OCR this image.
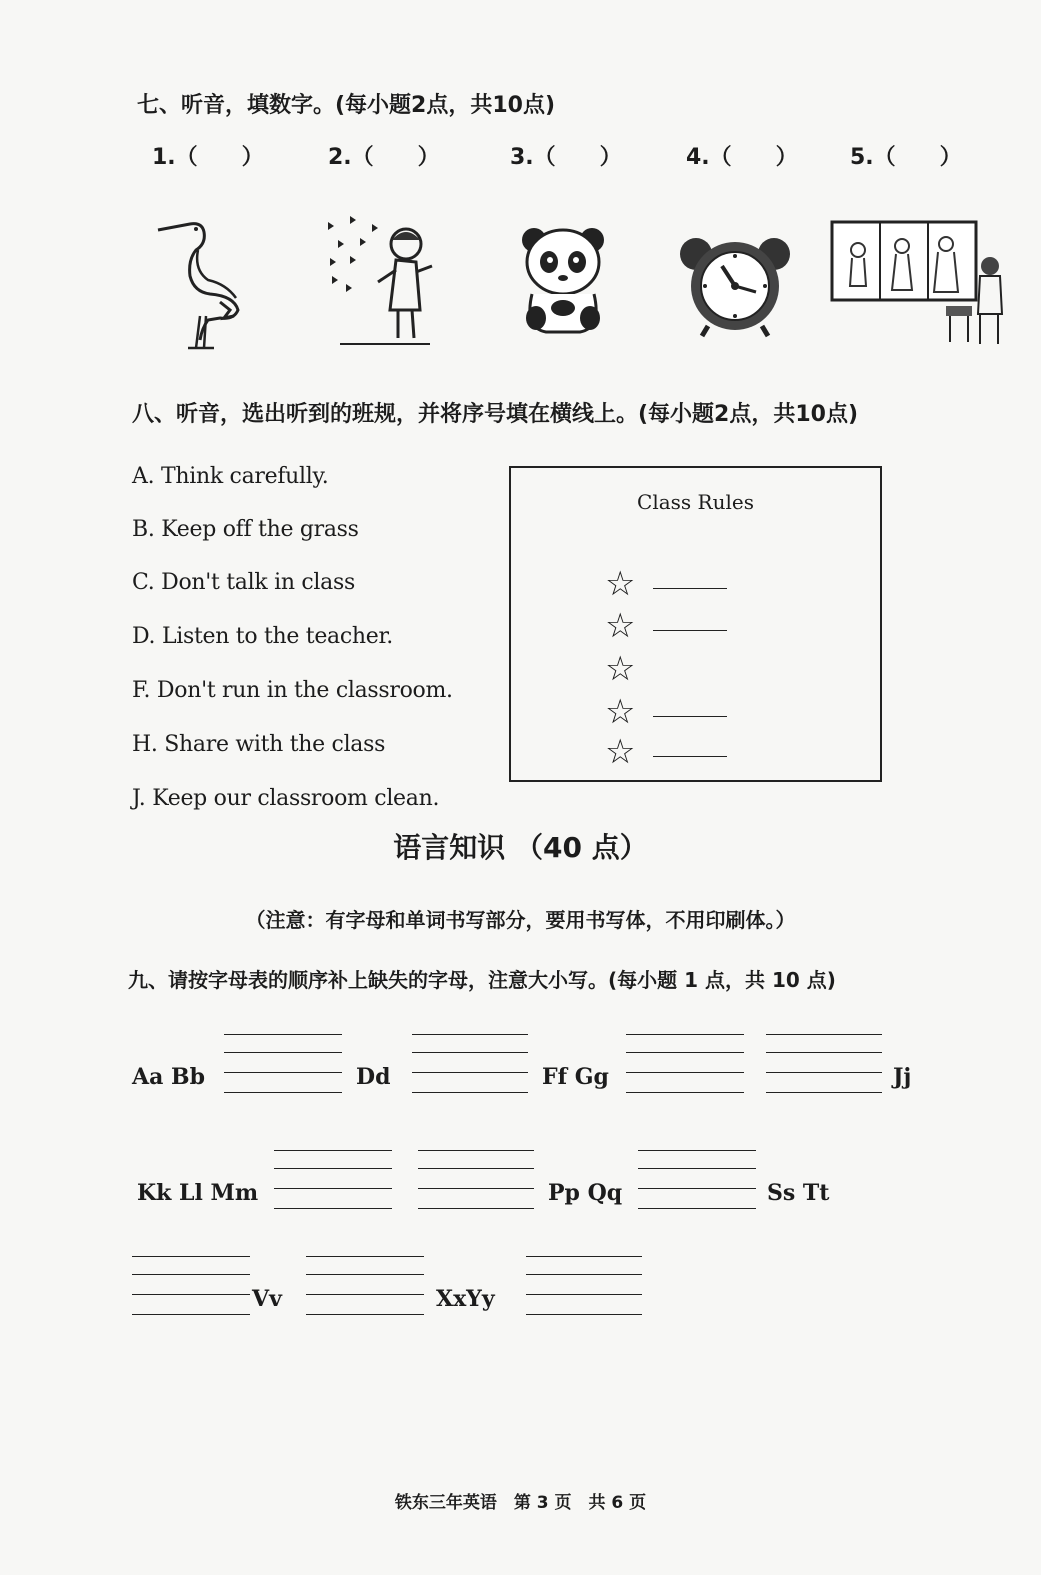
七、听音，填数字。(每小题2点，共10点)
1.（　　）	2.（　　）	3.（　　）	4.（　　） 5.（　　）
八、听音，选出听到的班规，并将序号填在横线上。(每小题2点，共10点)
A. Think carefully.
B. Keep off the grass
C. Don't talk in class
D. Listen to the teacher.
F. Don't run in the classroom.
H. Share with the class
J. Keep our classroom clean.
Class Rules
☆
☆
☆
☆
☆
语言知识 （40 点）
（注意：有字母和单词书写部分，要用书写体，不用印刷体。）
九、请按字母表的顺序补上缺失的字母，注意大小写。(每小题 1 点，共 10 点)
Aa Bb	Dd	Ff Gg	Jj
Kk Ll Mm	Pp Qq	Ss Tt
Vv	XxYy
铁东三年英语　第 3 页　共 6 页
